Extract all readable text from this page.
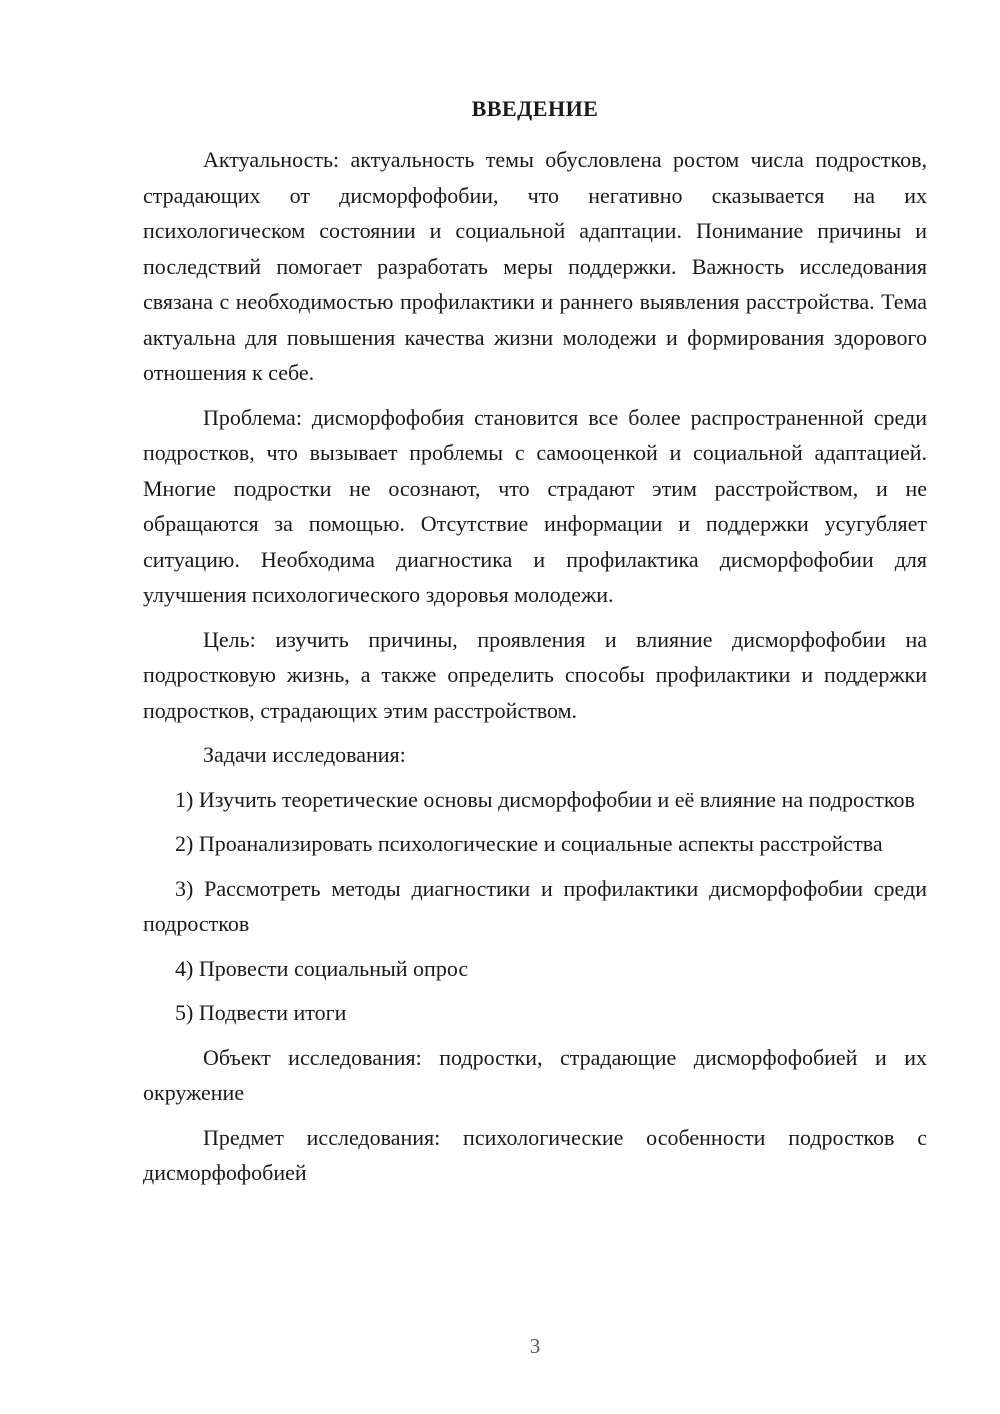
ВВЕДЕНИЕ

Актуальность: актуальность темы обусловлена ростом числа подростков, страдающих от дисморфофобии, что негативно сказывается на их психологическом состоянии и социальной адаптации. Понимание причины и последствий помогает разработать меры поддержки. Важность исследования связана с необходимостью профилактики и раннего выявления расстройства. Тема актуальна для повышения качества жизни молодежи и формирования здорового отношения к себе.

Проблема: дисморфофобия становится все более распространенной среди подростков, что вызывает проблемы с самооценкой и социальной адаптацией. Многие подростки не осознают, что страдают этим расстройством, и не обращаются за помощью. Отсутствие информации и поддержки усугубляет ситуацию. Необходима диагностика и профилактика дисморфофобии для улучшения психологического здоровья молодежи.

Цель: изучить причины, проявления и влияние дисморфофобии на подростковую жизнь, а также определить способы профилактики и поддержки подростков, страдающих этим расстройством.

Задачи исследования:

1) Изучить теоретические основы дисморфофобии и её влияние на подростков

2) Проанализировать психологические и социальные аспекты расстройства

3) Рассмотреть методы диагностики и профилактики дисморфофобии среди подростков

4) Провести социальный опрос

5) Подвести итоги

Объект исследования: подростки, страдающие дисморфофобией и их окружение

Предмет исследования: психологические особенности подростков с дисморфофобией

3
